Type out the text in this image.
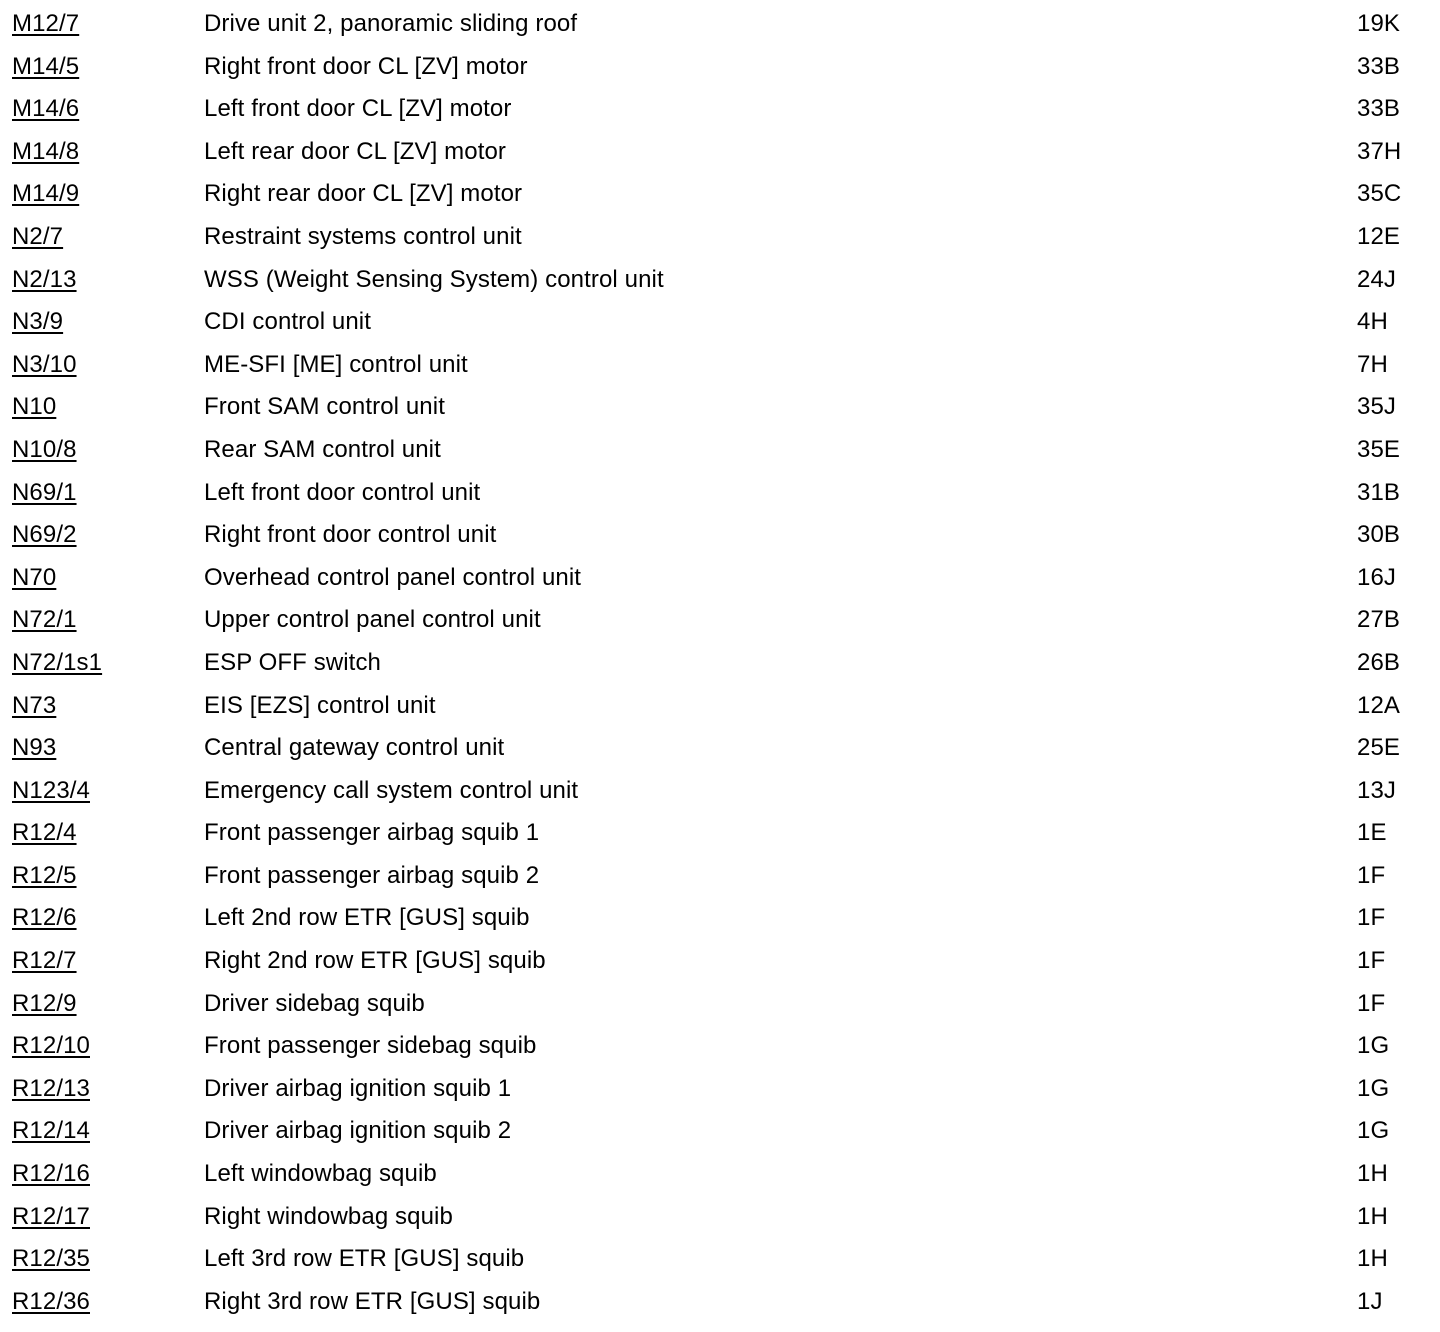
M12/7	Drive unit 2, panoramic sliding roof	19K
M14/5	Right front door CL [ZV] motor	33B
M14/6	Left front door CL [ZV] motor	33B
M14/8	Left rear door CL [ZV] motor	37H
M14/9	Right rear door CL [ZV] motor	35C
N2/7	Restraint systems control unit	12E
N2/13	WSS (Weight Sensing System) control unit	24J
N3/9	CDI control unit	4H
N3/10	ME-SFI [ME] control unit	7H
N10	Front SAM control unit	35J
N10/8	Rear SAM control unit	35E
N69/1	Left front door control unit	31B
N69/2	Right front door control unit	30B
N70	Overhead control panel control unit	16J
N72/1	Upper control panel control unit	27B
N72/1s1	ESP OFF switch	26B
N73	EIS [EZS] control unit	12A
N93	Central gateway control unit	25E
N123/4	Emergency call system control unit	13J
R12/4	Front passenger airbag squib 1	1E
R12/5	Front passenger airbag squib 2	1F
R12/6	Left 2nd row ETR [GUS] squib	1F
R12/7	Right 2nd row ETR [GUS] squib	1F
R12/9	Driver sidebag squib	1F
R12/10	Front passenger sidebag squib	1G
R12/13	Driver airbag ignition squib 1	1G
R12/14	Driver airbag ignition squib 2	1G
R12/16	Left windowbag squib	1H
R12/17	Right windowbag squib	1H
R12/35	Left 3rd row ETR [GUS] squib	1H
R12/36	Right 3rd row ETR [GUS] squib	1J
